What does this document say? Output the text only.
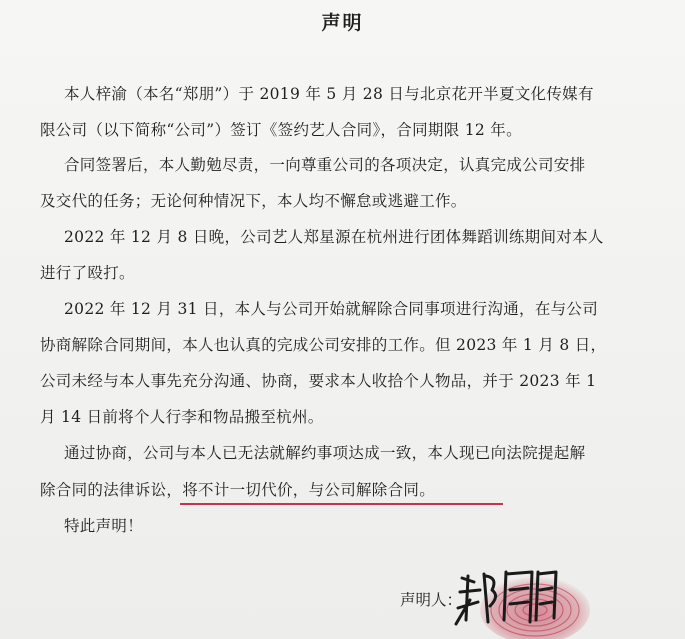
声明
本人梓渝（本名“郑朋”）于 2019 年 5 月 28 日与北京花开半夏文化传媒有
限公司（以下简称“公司”）签订《签约艺人合同》，合同期限 12 年。
合同签署后，本人勤勉尽责，一向尊重公司的各项决定，认真完成公司安排
及交代的任务；无论何种情况下，本人均不懈怠或逃避工作。
2022 年 12 月 8 日晚，公司艺人郑星源在杭州进行团体舞蹈训练期间对本人
进行了殴打。
2022 年 12 月 31 日，本人与公司开始就解除合同事项进行沟通，在与公司
协商解除合同期间，本人也认真的完成公司安排的工作。但 2023 年 1 月 8 日，
公司未经与本人事先充分沟通、协商，要求本人收拾个人物品，并于 2023 年 1
月 14 日前将个人行李和物品搬至杭州。
通过协商，公司与本人已无法就解约事项达成一致，本人现已向法院提起解
除合同的法律诉讼，将不计一切代价，与公司解除合同。
特此声明！
声明人：
